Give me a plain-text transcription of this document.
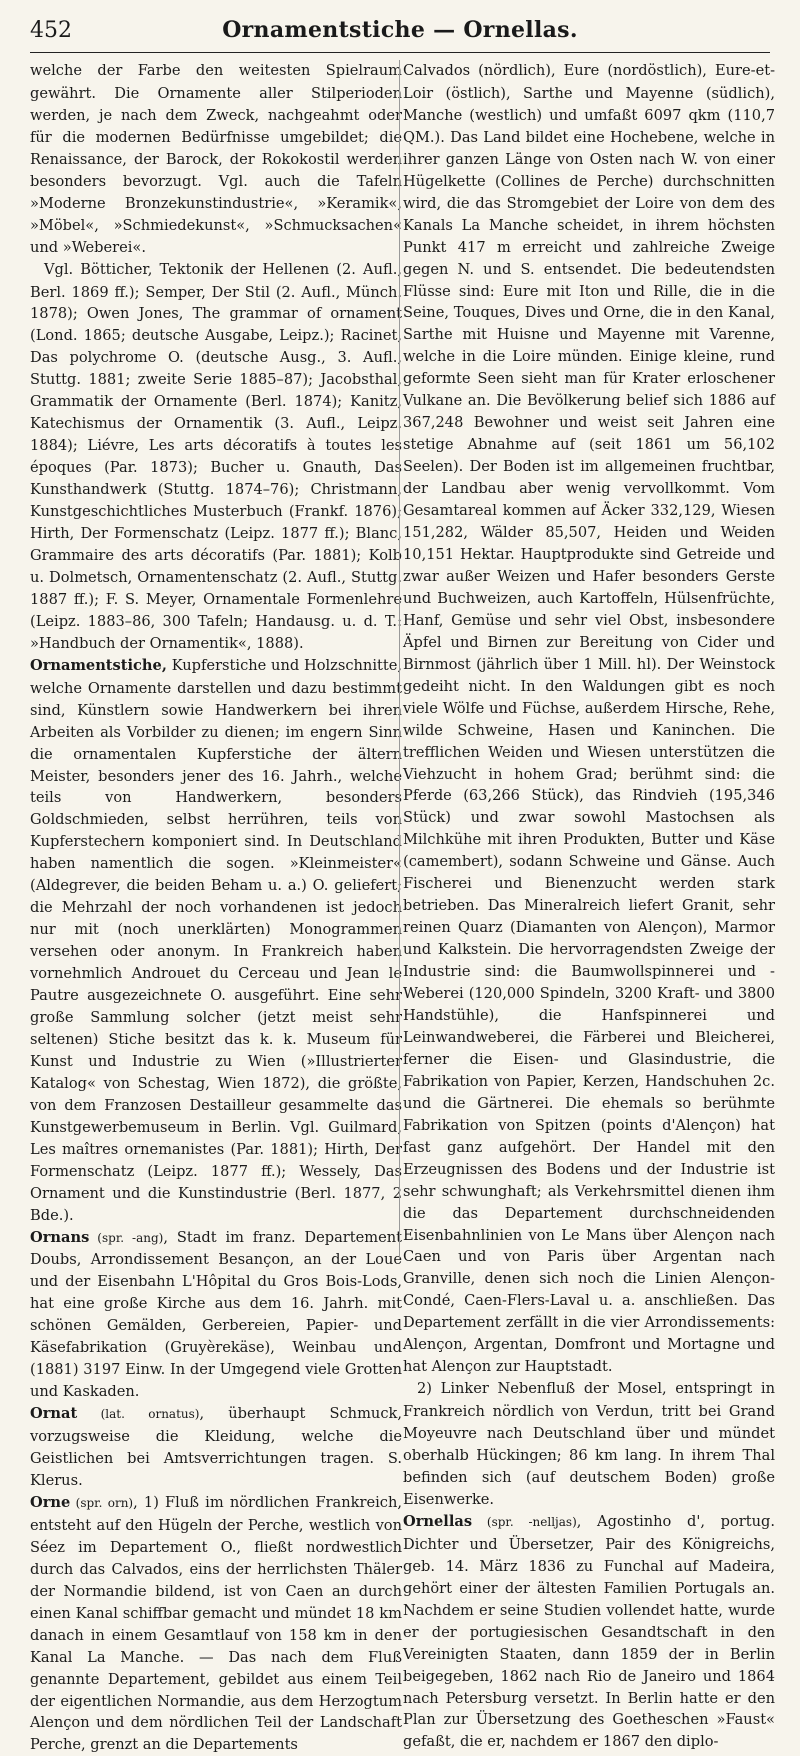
452	Ornamentstiche — Ornellas.

welche der Farbe den weitesten Spielraum gewährt. Die Ornamente aller Stilperioden werden, je nach dem Zweck, nachgeahmt oder für die modernen Bedürfnisse umgebildet; die Renaissance, der Barock, der Rokokostil werden besonders bevorzugt. Vgl. auch die Tafeln »Moderne Bronzekunstindustrie«, »Keramik«, »Möbel«, »Schmiedekunst«, »Schmucksachen« und »Weberei«.

Vgl. Bötticher, Tektonik der Hellenen (2. Aufl., Berl. 1869 ff.); Semper, Der Stil (2. Aufl., Münch. 1878); Owen Jones, The grammar of ornament (Lond. 1865; deutsche Ausgabe, Leipz.); Racinet, Das polychrome O. (deutsche Ausg., 3. Aufl., Stuttg. 1881; zweite Serie 1885–87); Jacobsthal, Grammatik der Ornamente (Berl. 1874); Kanitz, Katechismus der Ornamentik (3. Aufl., Leipz. 1884); Liévre, Les arts décoratifs à toutes les époques (Par. 1873); Bucher u. Gnauth, Das Kunsthandwerk (Stuttg. 1874–76); Christmann, Kunstgeschichtliches Musterbuch (Frankf. 1876); Hirth, Der Formenschatz (Leipz. 1877 ff.); Blanc, Grammaire des arts décoratifs (Par. 1881); Kolb u. Dolmetsch, Ornamentenschatz (2. Aufl., Stuttg. 1887 ff.); F. S. Meyer, Ornamentale Formenlehre (Leipz. 1883–86, 300 Tafeln; Handausg. u. d. T.: »Handbuch der Ornamentik«, 1888).

Ornamentstiche, Kupferstiche und Holzschnitte, welche Ornamente darstellen und dazu bestimmt sind, Künstlern sowie Handwerkern bei ihren Arbeiten als Vorbilder zu dienen; im engern Sinn die ornamentalen Kupferstiche der ältern Meister, besonders jener des 16. Jahrh., welche teils von Handwerkern, besonders Goldschmieden, selbst herrühren, teils von Kupferstechern komponiert sind. In Deutschland haben namentlich die sogen. »Kleinmeister« (Aldegrever, die beiden Beham u. a.) O. geliefert; die Mehrzahl der noch vorhandenen ist jedoch nur mit (noch unerklärten) Monogrammen versehen oder anonym. In Frankreich haben vornehmlich Androuet du Cerceau und Jean le Pautre ausgezeichnete O. ausgeführt. Eine sehr große Sammlung solcher (jetzt meist sehr seltenen) Stiche besitzt das k. k. Museum für Kunst und Industrie zu Wien (»Illustrierter Katalog« von Schestag, Wien 1872), die größte, von dem Franzosen Destailleur gesammelte das Kunstgewerbemuseum in Berlin. Vgl. Guilmard, Les maîtres ornemanistes (Par. 1881); Hirth, Der Formenschatz (Leipz. 1877 ff.); Wessely, Das Ornament und die Kunstindustrie (Berl. 1877, 2 Bde.).

Ornans (spr. -ang), Stadt im franz. Departement Doubs, Arrondissement Besançon, an der Loue und der Eisenbahn L'Hôpital du Gros Bois-Lods, hat eine große Kirche aus dem 16. Jahrh. mit schönen Gemälden, Gerbereien, Papier- und Käsefabrikation (Gruyèrekäse), Weinbau und (1881) 3197 Einw. In der Umgegend viele Grotten und Kaskaden.

Ornat (lat. ornatus), überhaupt Schmuck, vorzugsweise die Kleidung, welche die Geistlichen bei Amtsverrichtungen tragen. S. Klerus.

Orne (spr. orn), 1) Fluß im nördlichen Frankreich, entsteht auf den Hügeln der Perche, westlich von Séez im Departement O., fließt nordwestlich durch das Calvados, eins der herrlichsten Thäler der Normandie bildend, ist von Caen an durch einen Kanal schiffbar gemacht und mündet 18 km danach in einem Gesamtlauf von 158 km in den Kanal La Manche. — Das nach dem Fluß genannte Departement, gebildet aus einem Teil der eigentlichen Normandie, aus dem Herzogtum Alençon und dem nördlichen Teil der Landschaft Perche, grenzt an die Departements

Calvados (nördlich), Eure (nordöstlich), Eure-et-Loir (östlich), Sarthe und Mayenne (südlich), Manche (westlich) und umfaßt 6097 qkm (110,7 QM.). Das Land bildet eine Hochebene, welche in ihrer ganzen Länge von Osten nach W. von einer Hügelkette (Collines de Perche) durchschnitten wird, die das Stromgebiet der Loire von dem des Kanals La Manche scheidet, in ihrem höchsten Punkt 417 m erreicht und zahlreiche Zweige gegen N. und S. entsendet. Die bedeutendsten Flüsse sind: Eure mit Iton und Rille, die in die Seine, Touques, Dives und Orne, die in den Kanal, Sarthe mit Huisne und Mayenne mit Varenne, welche in die Loire münden. Einige kleine, rund geformte Seen sieht man für Krater erloschener Vulkane an. Die Bevölkerung belief sich 1886 auf 367,248 Bewohner und weist seit Jahren eine stetige Abnahme auf (seit 1861 um 56,102 Seelen). Der Boden ist im allgemeinen fruchtbar, der Landbau aber wenig vervollkommt. Vom Gesamtareal kommen auf Äcker 332,129, Wiesen 151,282, Wälder 85,507, Heiden und Weiden 10,151 Hektar. Hauptprodukte sind Getreide und zwar außer Weizen und Hafer besonders Gerste und Buchweizen, auch Kartoffeln, Hülsenfrüchte, Hanf, Gemüse und sehr viel Obst, insbesondere Äpfel und Birnen zur Bereitung von Cider und Birnmost (jährlich über 1 Mill. hl). Der Weinstock gedeiht nicht. In den Waldungen gibt es noch viele Wölfe und Füchse, außerdem Hirsche, Rehe, wilde Schweine, Hasen und Kaninchen. Die trefflichen Weiden und Wiesen unterstützen die Viehzucht in hohem Grad; berühmt sind: die Pferde (63,266 Stück), das Rindvieh (195,346 Stück) und zwar sowohl Mastochsen als Milchkühe mit ihren Produkten, Butter und Käse (camembert), sodann Schweine und Gänse. Auch Fischerei und Bienenzucht werden stark betrieben. Das Mineralreich liefert Granit, sehr reinen Quarz (Diamanten von Alençon), Marmor und Kalkstein. Die hervorragendsten Zweige der Industrie sind: die Baumwollspinnerei und -Weberei (120,000 Spindeln, 3200 Kraft- und 3800 Handstühle), die Hanfspinnerei und Leinwandweberei, die Färberei und Bleicherei, ferner die Eisen- und Glasindustrie, die Fabrikation von Papier, Kerzen, Handschuhen 2c. und die Gärtnerei. Die ehemals so berühmte Fabrikation von Spitzen (points d'Alençon) hat fast ganz aufgehört. Der Handel mit den Erzeugnissen des Bodens und der Industrie ist sehr schwunghaft; als Verkehrsmittel dienen ihm die das Departement durchschneidenden Eisenbahnlinien von Le Mans über Alençon nach Caen und von Paris über Argentan nach Granville, denen sich noch die Linien Alençon-Condé, Caen-Flers-Laval u. a. anschließen. Das Departement zerfällt in die vier Arrondissements: Alençon, Argentan, Domfront und Mortagne und hat Alençon zur Hauptstadt.

2) Linker Nebenfluß der Mosel, entspringt in Frankreich nördlich von Verdun, tritt bei Grand Moyeuvre nach Deutschland über und mündet oberhalb Hückingen; 86 km lang. In ihrem Thal befinden sich (auf deutschem Boden) große Eisenwerke.

Ornellas (spr. -nelljas), Agostinho d', portug. Dichter und Übersetzer, Pair des Königreichs, geb. 14. März 1836 zu Funchal auf Madeira, gehört einer der ältesten Familien Portugals an. Nachdem er seine Studien vollendet hatte, wurde er der portugiesischen Gesandtschaft in den Vereinigten Staaten, dann 1859 der in Berlin beigegeben, 1862 nach Rio de Janeiro und 1864 nach Petersburg versetzt. In Berlin hatte er den Plan zur Übersetzung des Goetheschen »Faust« gefaßt, die er, nachdem er 1867 den diplo-
